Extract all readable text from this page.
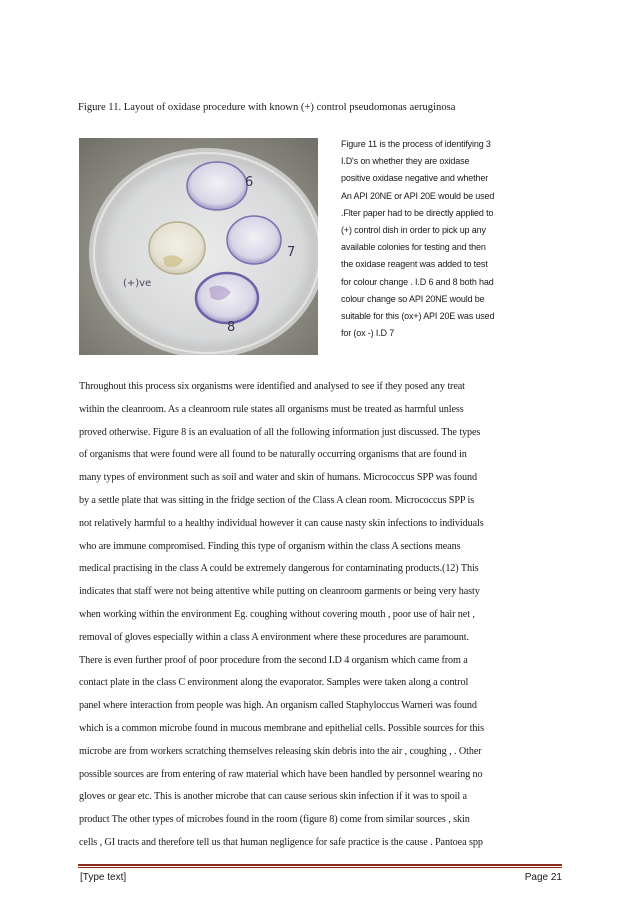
Figure 11. Layout of oxidase procedure with known (+) control pseudomonas aeruginosa
6
7
8
(+)ve
Figure 11 is the process of identifying 3
I.D's on whether they are oxidase
positive oxidase negative and whether
An API 20NE or API 20E would be used
.Flter paper had to be directly applied to
(+) control dish in order to pick up any
available colonies for testing and then
the oxidase reagent was added to test
for colour change . I.D 6 and 8 both had
colour change so API 20NE would be
suitable for this (ox+) API 20E was used
for (ox -) I.D 7
Throughout this process six organisms were identified and analysed to see if they posed any treat
within the cleanroom. As a cleanroom rule states all organisms must be treated as harmful unless
proved otherwise. Figure 8 is an evaluation of all the following information just discussed. The types
of organisms that were found were all found to be naturally occurring organisms that are found in
many types of environment such as soil and water and skin of humans. Micrococcus SPP was found
by a settle plate that was sitting in the fridge section of the Class A clean room. Micrococcus SPP is
not relatively harmful to a healthy individual however it can cause nasty skin infections to individuals
who are immune compromised. Finding this type of organism within the class A sections means
medical practising in the class A could be extremely dangerous for contaminating products.(12) This
indicates that staff were not being attentive while putting on cleanroom garments or being very hasty
when working within the environment Eg. coughing without covering mouth , poor use of hair net ,
removal of gloves especially within a class A environment where these procedures are paramount.
There is even further proof of poor procedure from the second I.D 4 organism which came from a
contact plate in the class C environment along the evaporator. Samples were taken along a control
panel where interaction from people was high. An organism called Staphyloccus Warneri was found
which is a common microbe found in mucous membrane and epithelial cells. Possible sources for this
microbe are from workers scratching themselves releasing skin debris into the air , coughing , . Other
possible sources are from entering of raw material which have been handled by personnel wearing no
gloves or gear etc. This is another microbe that can cause serious skin infection if it was to spoil a
product The other types of microbes found in the room (figure 8) come from similar sources , skin
cells , GI tracts and therefore tell us that human negligence for safe practice is the cause . Pantoea spp
[Type text]	Page 21
